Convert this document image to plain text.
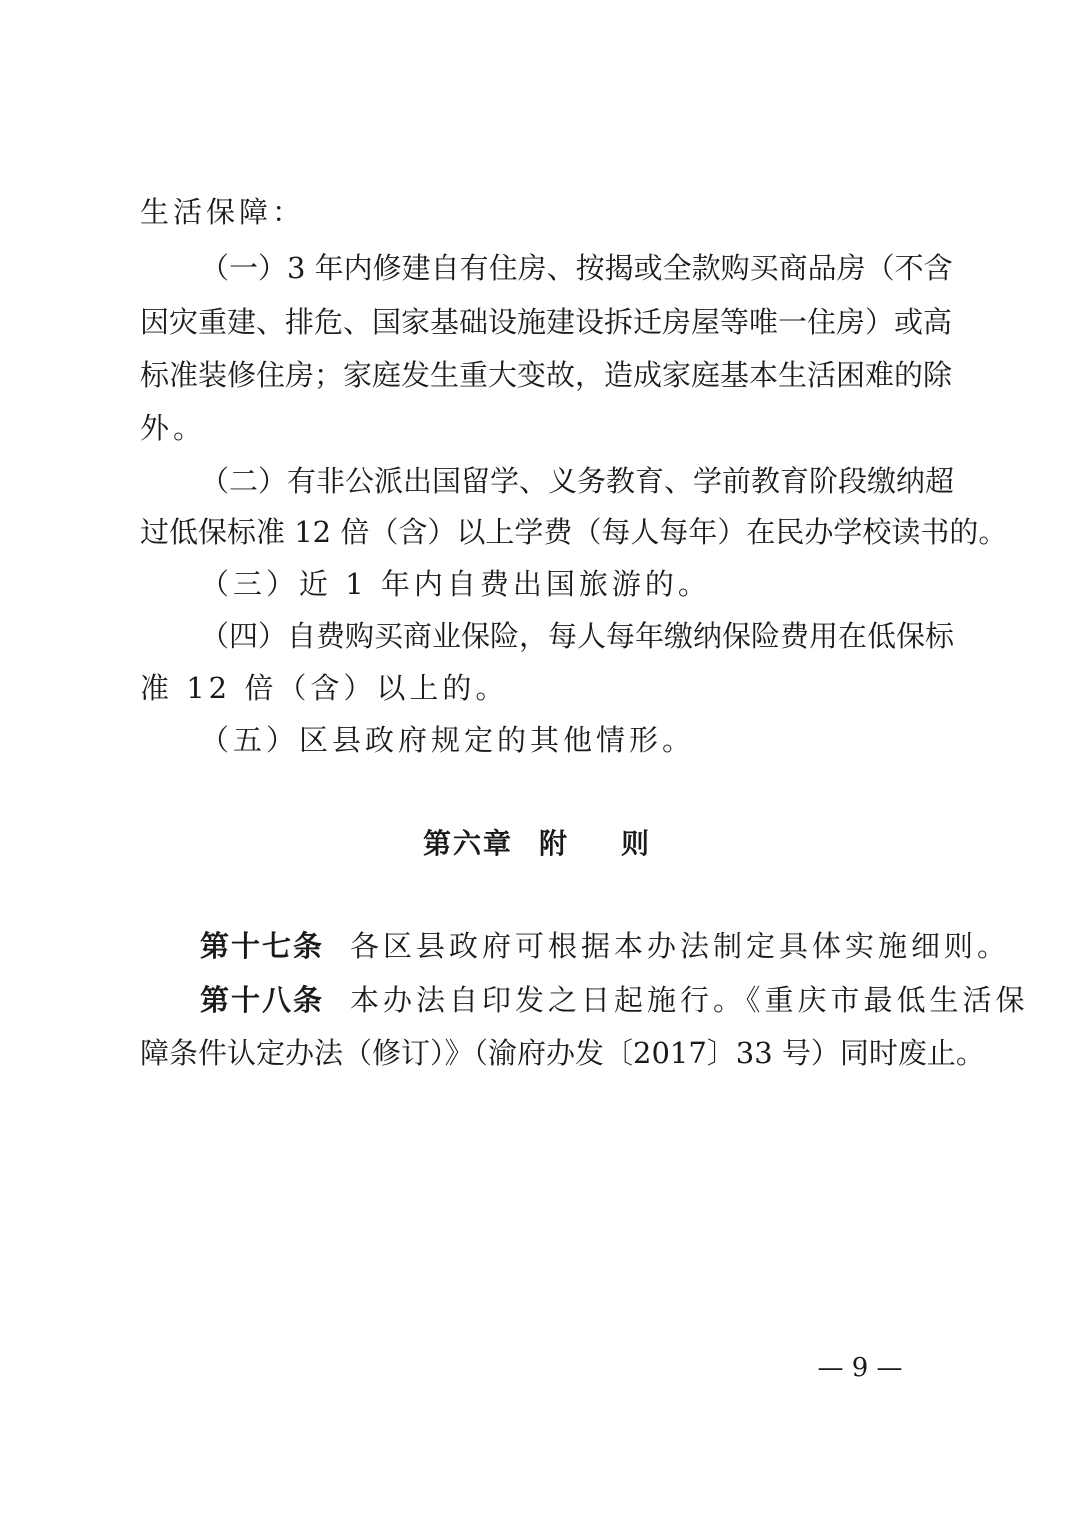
生活保障：
（一）3 年内修建自有住房、按揭或全款购买商品房（不含
因灾重建、排危、国家基础设施建设拆迁房屋等唯一住房）或高
标准装修住房；家庭发生重大变故，造成家庭基本生活困难的除
外。
（二）有非公派出国留学、义务教育、学前教育阶段缴纳超
过低保标准 12 倍（含）以上学费（每人每年）在民办学校读书的。
（三）近 1 年内自费出国旅游的。
（四）自费购买商业保险，每人每年缴纳保险费用在低保标
准 12 倍（含）以上的。
（五）区县政府规定的其他情形。
第六章 附 则
第十七条 各区县政府可根据本办法制定具体实施细则。
第十八条 本办法自印发之日起施行。《重庆市最低生活保
障条件认定办法（修订）》（渝府办发〔2017〕33 号）同时废止。
— 9 —
